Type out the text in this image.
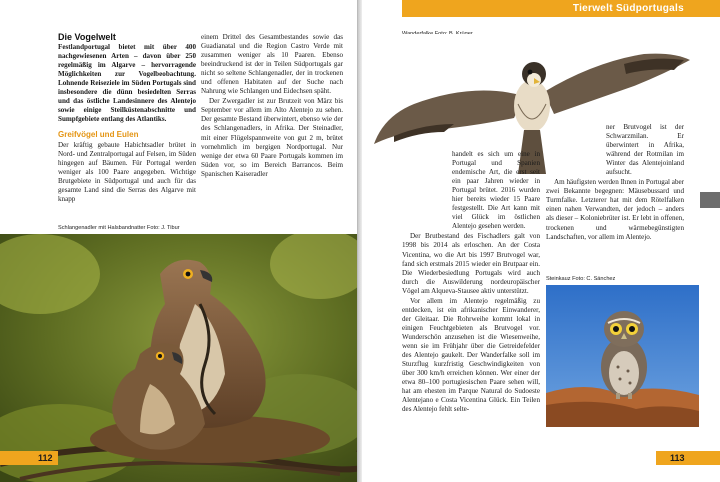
Tierwelt Südportugals
Die Vogelwelt

Festlandportugal bietet mit über 400 nachgewiesenen Arten – davon über 250 regelmäßig im Algarve – hervorragende Möglichkeiten zur Vogelbeobachtung. Lohnende Reiseziele im Süden Portugals sind insbesondere die dünn besiedelten Serras und das östliche Landesinnere des Alentejo sowie einige Steilküstenabschnitte und Sumpfgebiete entlang des Atlantiks.

Greifvögel und Eulen

Der kräftig gebaute Habichtsadler brütet in Nord- und Zentralportugal auf Felsen, im Süden hingegen auf Bäumen. Für Portugal werden weniger als 100 Paare angegeben. Wichtige Brutgebiete in Südportugal und auch für das gesamte Land sind die Serras des Algarve mit knapp

einem Drittel des Gesamtbestandes sowie das Guadianatal und die Region Castro Verde mit zusammen weniger als 10 Paaren. Ebenso beeindruckend ist der in Teilen Südportugals gar nicht so seltene Schlangenadler, der in trockenen und offenen Habitaten auf der Suche nach Nahrung wie Schlangen und Eidechsen späht.

Der Zwergadler ist zur Brutzeit von März bis September vor allem im Alto Alentejo zu sehen. Der gesamte Bestand überwintert, ebenso wie der des Schlangenadlers, in Afrika. Der Steinadler, mit einer Flügelspannweite von gut 2 m, brütet vornehmlich im bergigen Nordportugal. Nur wenige der etwa 60 Paare Portugals kommen im Süden vor, so im Bereich Barrancos. Beim Spanischen Kaiseradler

Schlangenadler mit Halsbandnatter Foto: J. Tibur
112

handelt es sich um eine in Portugal und Spanien endemische Art, die erst seit ein paar Jahren wieder in Portugal brütet. 2016 wurden hier bereits wieder 15 Paare festgestellt. Die Art kann mit viel Glück im östlichen Alentejo gesehen werden.

Der Brutbestand des Fischadlers galt von 1998 bis 2014 als erloschen. An der Costa Vicentina, wo die Art bis 1997 Brutvogel war, fand sich erstmals 2015 wieder ein Brutpaar ein. Die Wiederbesiedlung Portugals wird auch durch die Auswilderung nordeuropäischer Vögel am Alqueva-Stausee aktiv unterstützt.

Vor allem im Alentejo regelmäßig zu entdecken, ist ein afrikanischer Einwanderer, der Gleitaar. Die Rohrweihe kommt lokal in einigen Feuchtgebieten als Brutvogel vor. Wunderschön anzusehen ist die Wiesenweihe, wenn sie im Frühjahr über die Getreidefelder des Alentejo gaukelt. Der Wanderfalke soll im Sturzflug kurzfristig Geschwindigkeiten von über 300 km/h erreichen können. Wer einer der etwa 80–100 portugiesischen Paare sehen will, hat am ehesten im Parque Natural do Sudoeste Alentejano e Costa Vicentina Glück. Ein Teilen des Alentejo fehlt selte-

ner Brutvogel ist der Schwarzmilan. Er überwintert in Afrika, während der Rotmilan im Winter das Alentejoinland aufsucht.

Am häufigsten werden Ihnen in Portugal aber zwei Bekannte begegnen: Mäusebussard und Turmfalke. Letzterer hat mit dem Rötelfalken einen nahen Verwandten, der jedoch – anders als dieser – Koloniebrüter ist. Er lebt in offenen, trockenen und wärmebegünstigten Landschaften, vor allem im Alentejo.

Steinkauz Foto: C. Sánchez
113
